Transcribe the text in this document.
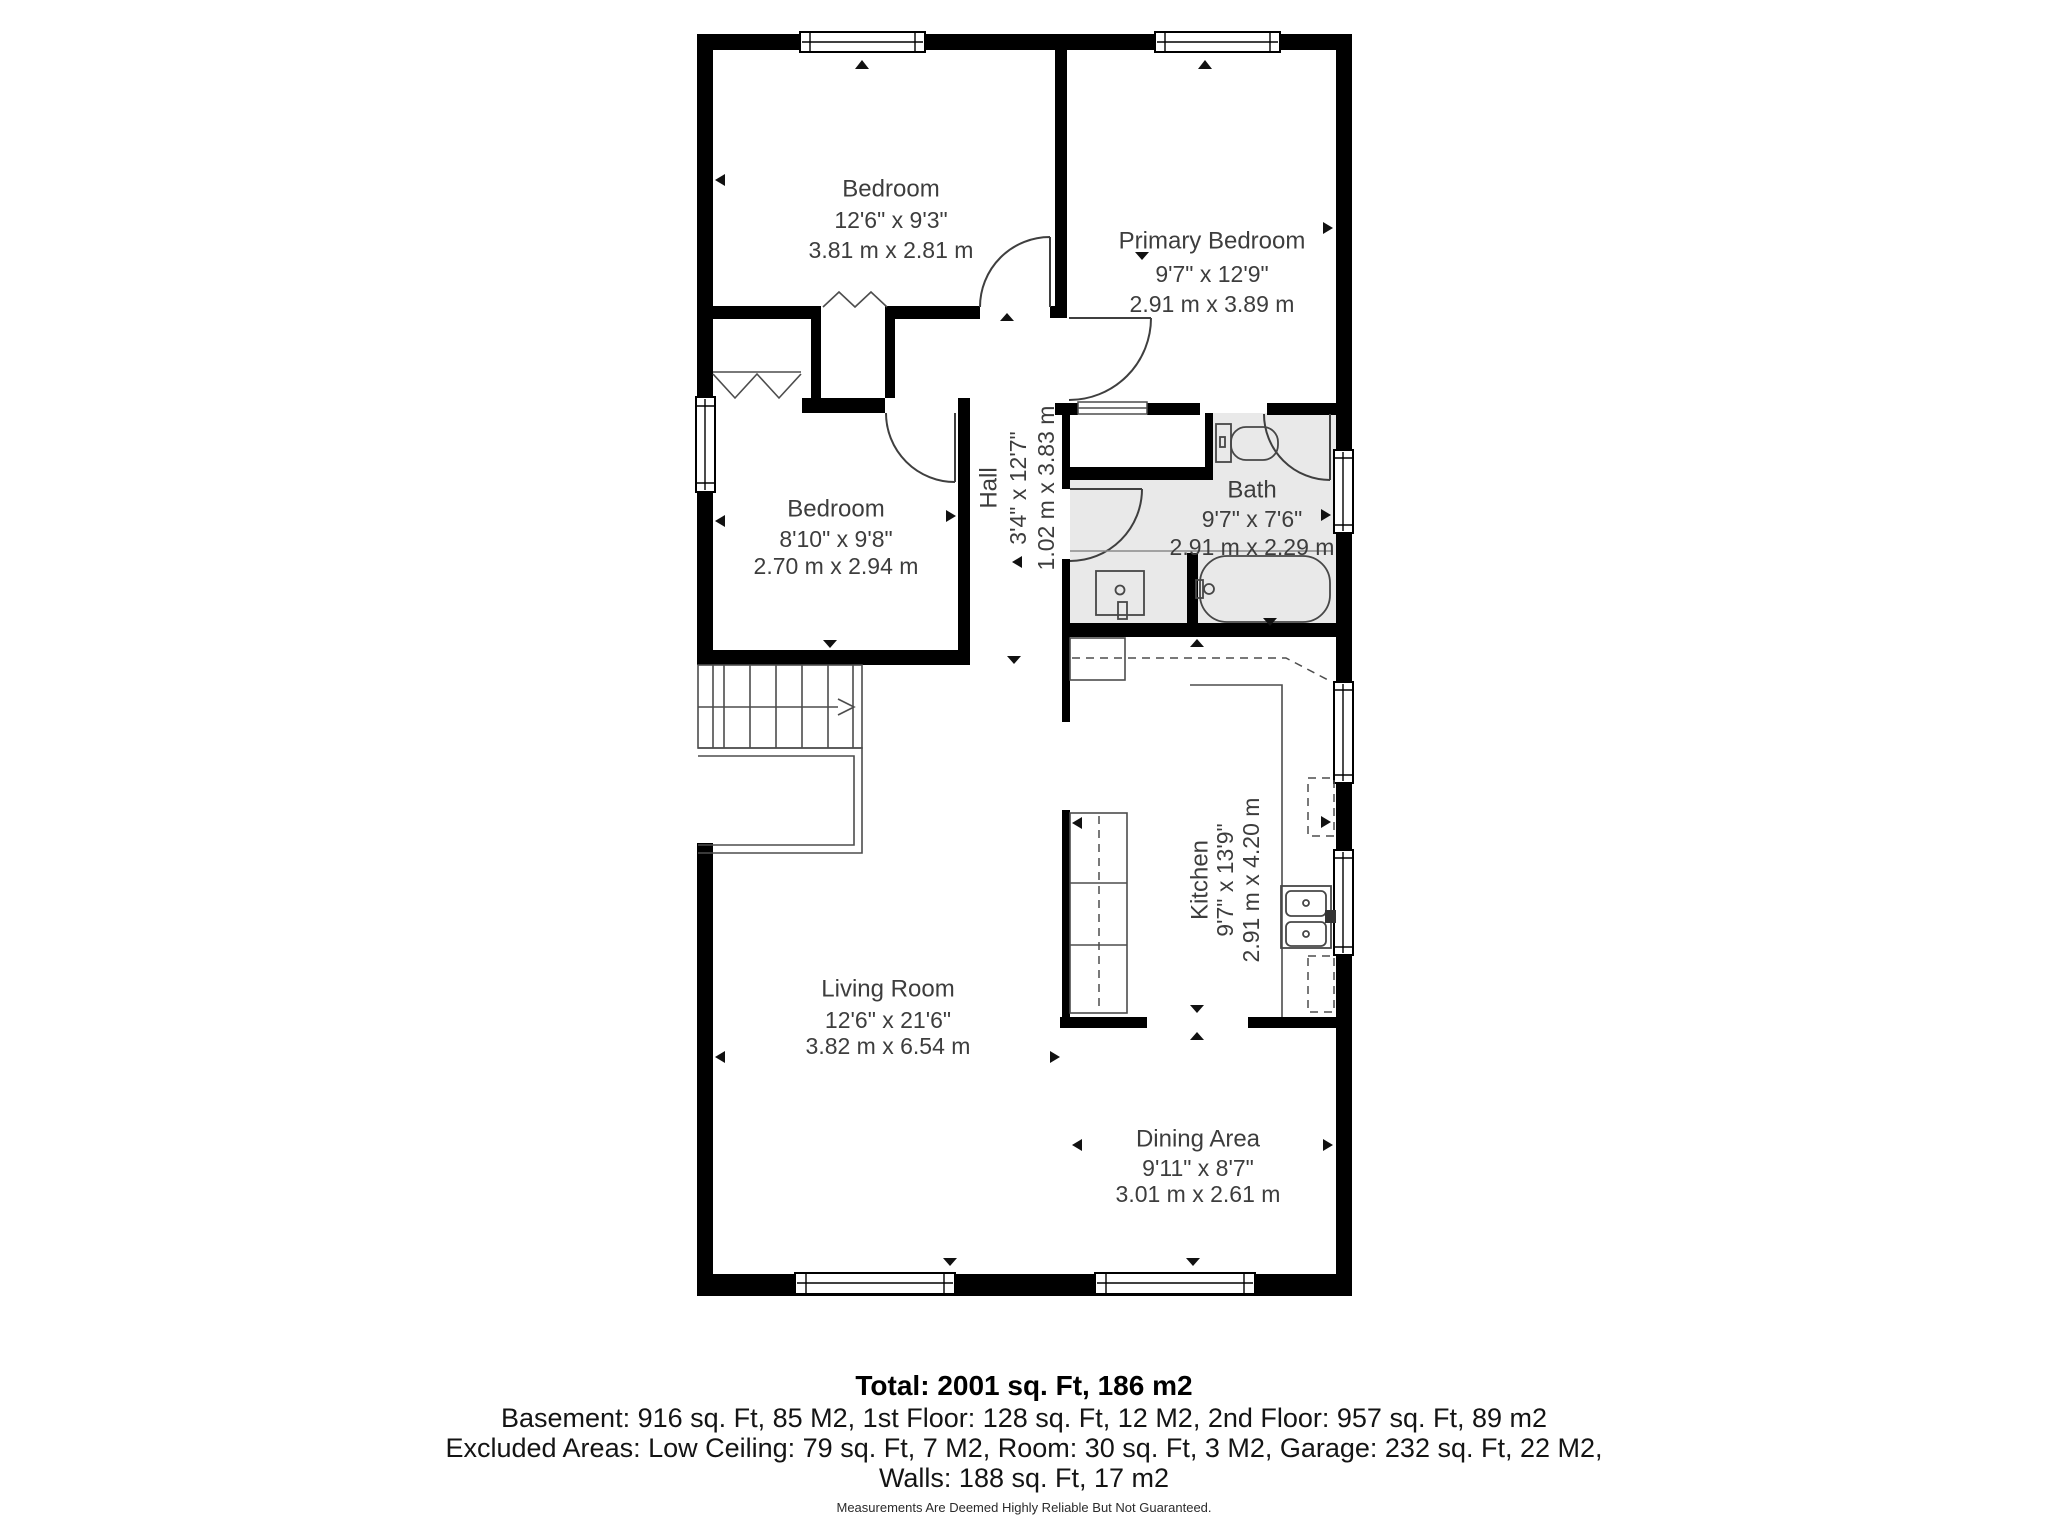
Bedroom
12'6" x 9'3"
3.81 m x 2.81 m	Primary Bedroom
9'7" x 12'9"
2.91 m x 3.89 m
Bedroom
8'10" x 9'8"
2.70 m x 2.94 m
Hall 3'4" x 12'7" 1.02 m x 3.83 m	Bath
9'7" x 7'6"
2.91 m x 2.29 m
Kitchen
9'7" x 13'9" 2.91 m x 4.20 m
Living Room
12'6" x 21'6"
3.82 m x 6.54 m
Dining Area
9'11" x 8'7"
3.01 m x 2.61 m
Total: 2001 sq. Ft, 186 m2
Basement: 916 sq. Ft, 85 M2, 1st Floor: 128 sq. Ft, 12 M2, 2nd Floor: 957 sq. Ft, 89 m2
Excluded Areas: Low Ceiling: 79 sq. Ft, 7 M2, Room: 30 sq. Ft, 3 M2, Garage: 232 sq. Ft, 22 M2,
Walls: 188 sq. Ft, 17 m2
Measurements Are Deemed Highly Reliable But Not Guaranteed.
